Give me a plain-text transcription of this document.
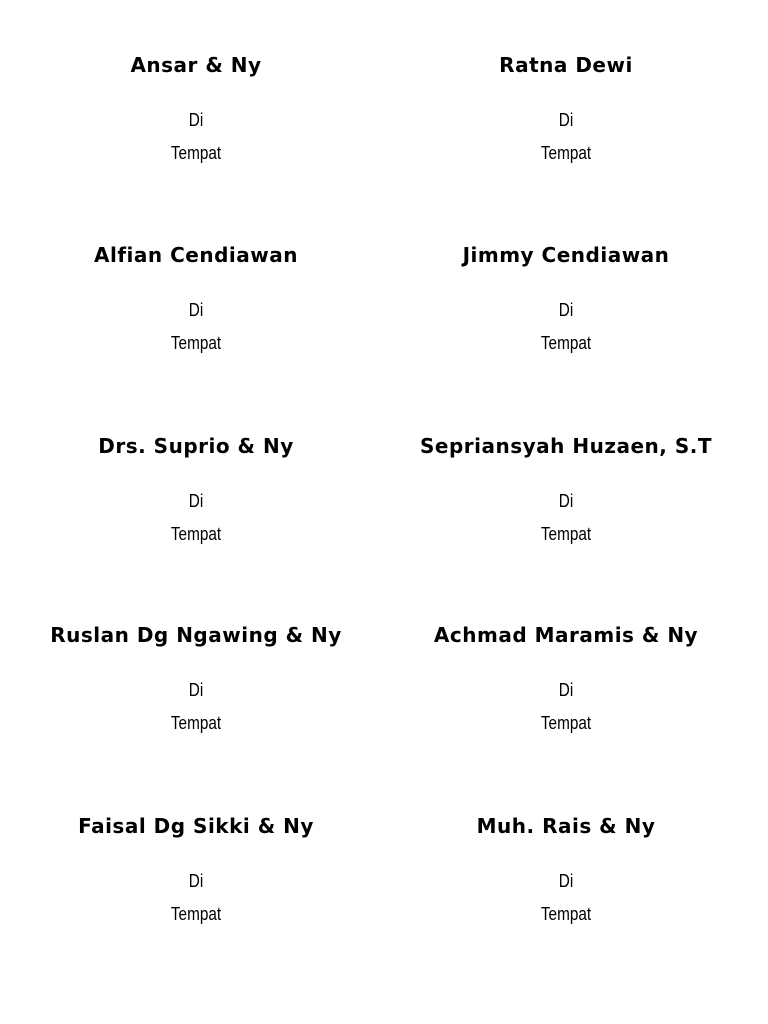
Ansar & Ny
Di
Tempat
Ratna Dewi
Di
Tempat
Alfian Cendiawan
Di
Tempat
Jimmy Cendiawan
Di
Tempat
Drs. Suprio & Ny
Di
Tempat
Sepriansyah Huzaen, S.T
Di
Tempat
Ruslan Dg Ngawing & Ny
Di
Tempat
Achmad Maramis & Ny
Di
Tempat
Faisal Dg Sikki & Ny
Di
Tempat
Muh. Rais & Ny
Di
Tempat
